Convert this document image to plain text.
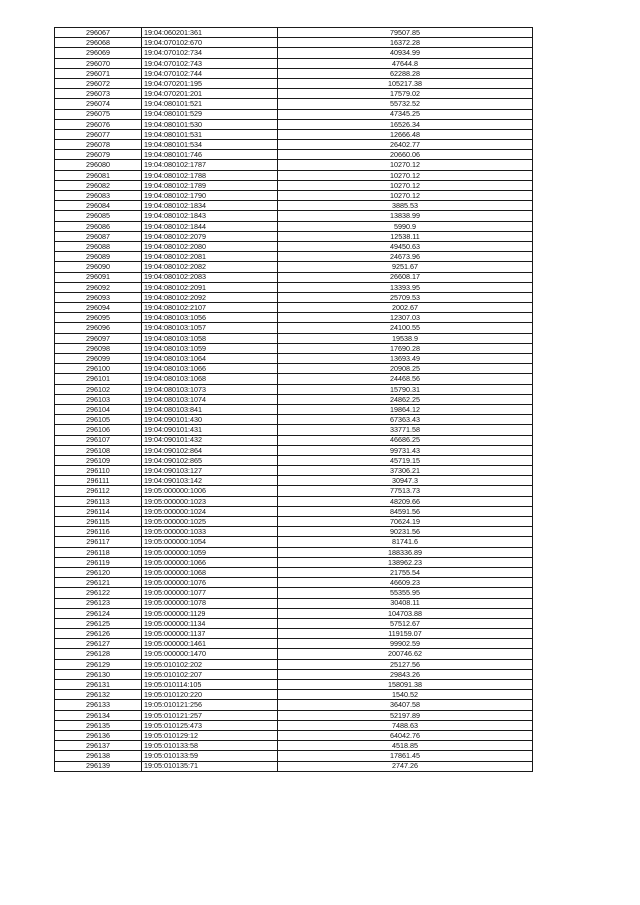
296067	19:04:060201:361	79507.85
296068	19:04:070102:670	16372.28
296069	19:04:070102:734	40934.99
296070	19:04:070102:743	47644.8
296071	19:04:070102:744	62288.28
296072	19:04:070201:195	105217.38
296073	19:04:070201:201	17579.02
296074	19:04:080101:521	55732.52
296075	19:04:080101:529	47345.25
296076	19:04:080101:530	16526.34
296077	19:04:080101:531	12666.48
296078	19:04:080101:534	26402.77
296079	19:04:080101:746	20660.06
296080	19:04:080102:1787	10270.12
296081	19:04:080102:1788	10270.12
296082	19:04:080102:1789	10270.12
296083	19:04:080102:1790	10270.12
296084	19:04:080102:1834	3885.53
296085	19:04:080102:1843	13838.99
296086	19:04:080102:1844	5990.9
296087	19:04:080102:2079	12538.11
296088	19:04:080102:2080	49450.63
296089	19:04:080102:2081	24673.96
296090	19:04:080102:2082	9251.67
296091	19:04:080102:2083	26608.17
296092	19:04:080102:2091	13393.95
296093	19:04:080102:2092	25709.53
296094	19:04:080102:2107	2002.67
296095	19:04:080103:1056	12307.03
296096	19:04:080103:1057	24100.55
296097	19:04:080103:1058	19538.9
296098	19:04:080103:1059	17690.28
296099	19:04:080103:1064	13693.49
296100	19:04:080103:1066	20908.25
296101	19:04:080103:1068	24468.56
296102	19:04:080103:1073	15790.31
296103	19:04:080103:1074	24862.25
296104	19:04:080103:841	19864.12
296105	19:04:090101:430	67363.43
296106	19:04:090101:431	33771.58
296107	19:04:090101:432	46686.25
296108	19:04:090102:864	99731.43
296109	19:04:090102:865	45719.15
296110	19:04:090103:127	37306.21
296111	19:04:090103:142	30947.3
296112	19:05:000000:1006	77513.73
296113	19:05:000000:1023	48209.66
296114	19:05:000000:1024	84591.56
296115	19:05:000000:1025	70624.19
296116	19:05:000000:1033	90231.56
296117	19:05:000000:1054	81741.6
296118	19:05:000000:1059	188336.89
296119	19:05:000000:1066	138962.23
296120	19:05:000000:1068	21755.54
296121	19:05:000000:1076	46609.23
296122	19:05:000000:1077	55355.95
296123	19:05:000000:1078	30408.11
296124	19:05:000000:1129	104703.88
296125	19:05:000000:1134	57512.67
296126	19:05:000000:1137	119159.07
296127	19:05:000000:1461	99902.59
296128	19:05:000000:1470	200746.62
296129	19:05:010102:202	25127.56
296130	19:05:010102:207	29843.26
296131	19:05:010114:105	158091.38
296132	19:05:010120:220	1540.52
296133	19:05:010121:256	36407.58
296134	19:05:010121:257	52197.89
296135	19:05:010125:473	7488.63
296136	19:05:010129:12	64042.76
296137	19:05:010133:58	4518.85
296138	19:05:010133:59	17861.45
296139	19:05:010135:71	2747.26
